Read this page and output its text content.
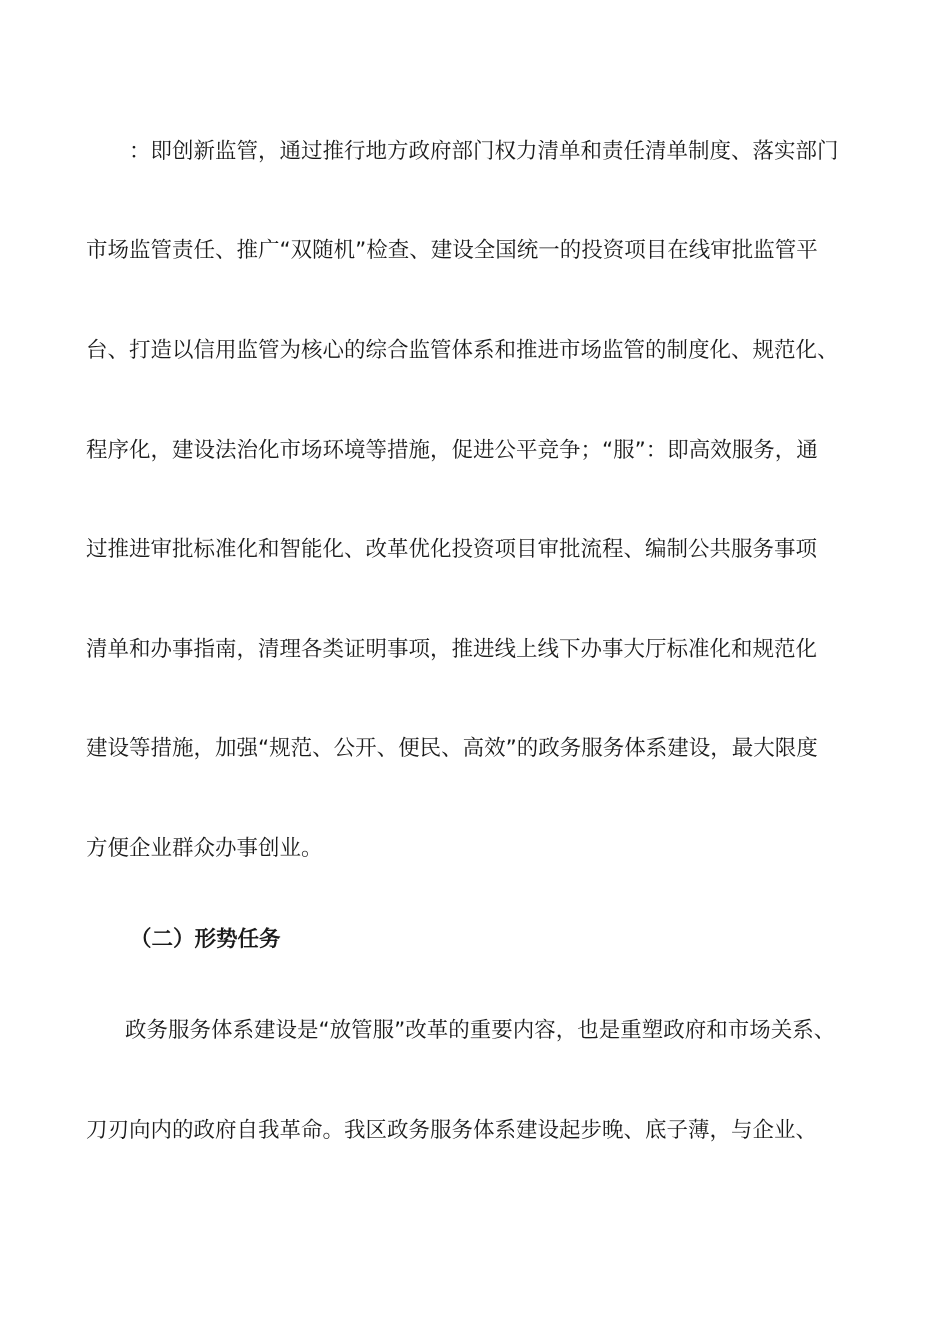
　　：即创新监管，通过推行地方政府部门权力清单和责任清单制度、落实部门
市场监管责任、推广“双随机”检查、建设全国统一的投资项目在线审批监管平
台、打造以信用监管为核心的综合监管体系和推进市场监管的制度化、规范化、
程序化，建设法治化市场环境等措施，促进公平竞争；“服”：即高效服务，通
过推进审批标准化和智能化、改革优化投资项目审批流程、编制公共服务事项
清单和办事指南，清理各类证明事项，推进线上线下办事大厅标准化和规范化
建设等措施，加强“规范、公开、便民、高效”的政务服务体系建设，最大限度
方便企业群众办事创业。
（二）形势任务
政务服务体系建设是“放管服”改革的重要内容，也是重塑政府和市场关系、
刀刃向内的政府自我革命。我区政务服务体系建设起步晚、底子薄，与企业、
